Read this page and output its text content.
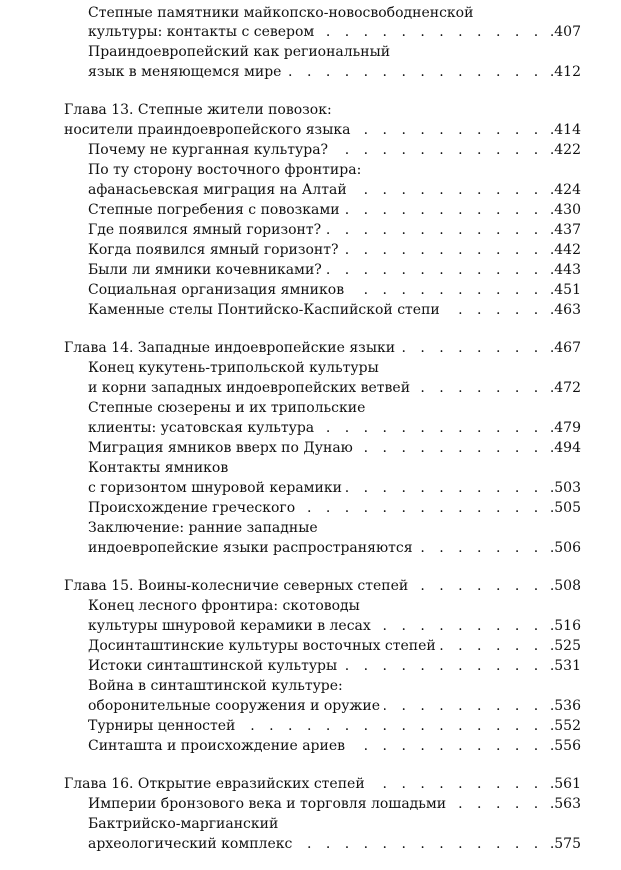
Степные памятники майкопско-новосвободненской
культуры: контакты с севером	.407
. . .
Праиндоевропейский как региональный
язык в меняющемся мире	.412
. . .
Глава 13. Степные жители повозок:
носители праиндоевропейского языка	.414
. . .
Почему не курганная культура?	.422
. . .
По ту сторону восточного фронтира:
афанасьевская миграция на Алтай	.424
. . .
Степные погребения с повозками	.430
. . .
Где появился ямный горизонт?	.437
. . .
Когда появился ямный горизонт?	.442
. . .
Были ли ямники кочевниками?	.443
. . .
Социальная организация ямников	.451
. . .
Каменные стелы Понтийско-Каспийской степи	.463
. . .
Глава 14. Западные индоевропейские языки	.467
. . .
Конец кукутень-трипольской культуры
и корни западных индоевропейских ветвей	.472
. . .
Степные сюзерены и их трипольские
клиенты: усатовская культура	.479
. . .
Миграция ямников вверх по Дунаю	.494
. . .
Контакты ямников
с горизонтом шнуровой керамики	.503
. . .
Происхождение греческого	.505
. . .
Заключение: ранние западные
индоевропейские языки распространяются	.506
. . .
Глава 15. Воины-колесничие северных степей	.508
. . .
Конец лесного фронтира: скотоводы
культуры шнуровой керамики в лесах	.516
. . .
Досинташтинские культуры восточных степей	.525
. . .
Истоки синташтинской культуры	.531
. . .
Война в синташтинской культуре:
оборонительные сооружения и оружие	.536
. . .
Турниры ценностей	.552
. . .
Синташта и происхождение ариев	.556
. . .
Глава 16. Открытие евразийских степей	.561
. . .
Империи бронзового века и торговля лошадьми	.563
. . .
Бактрийско-маргианский
археологический комплекс	.575
. . .
